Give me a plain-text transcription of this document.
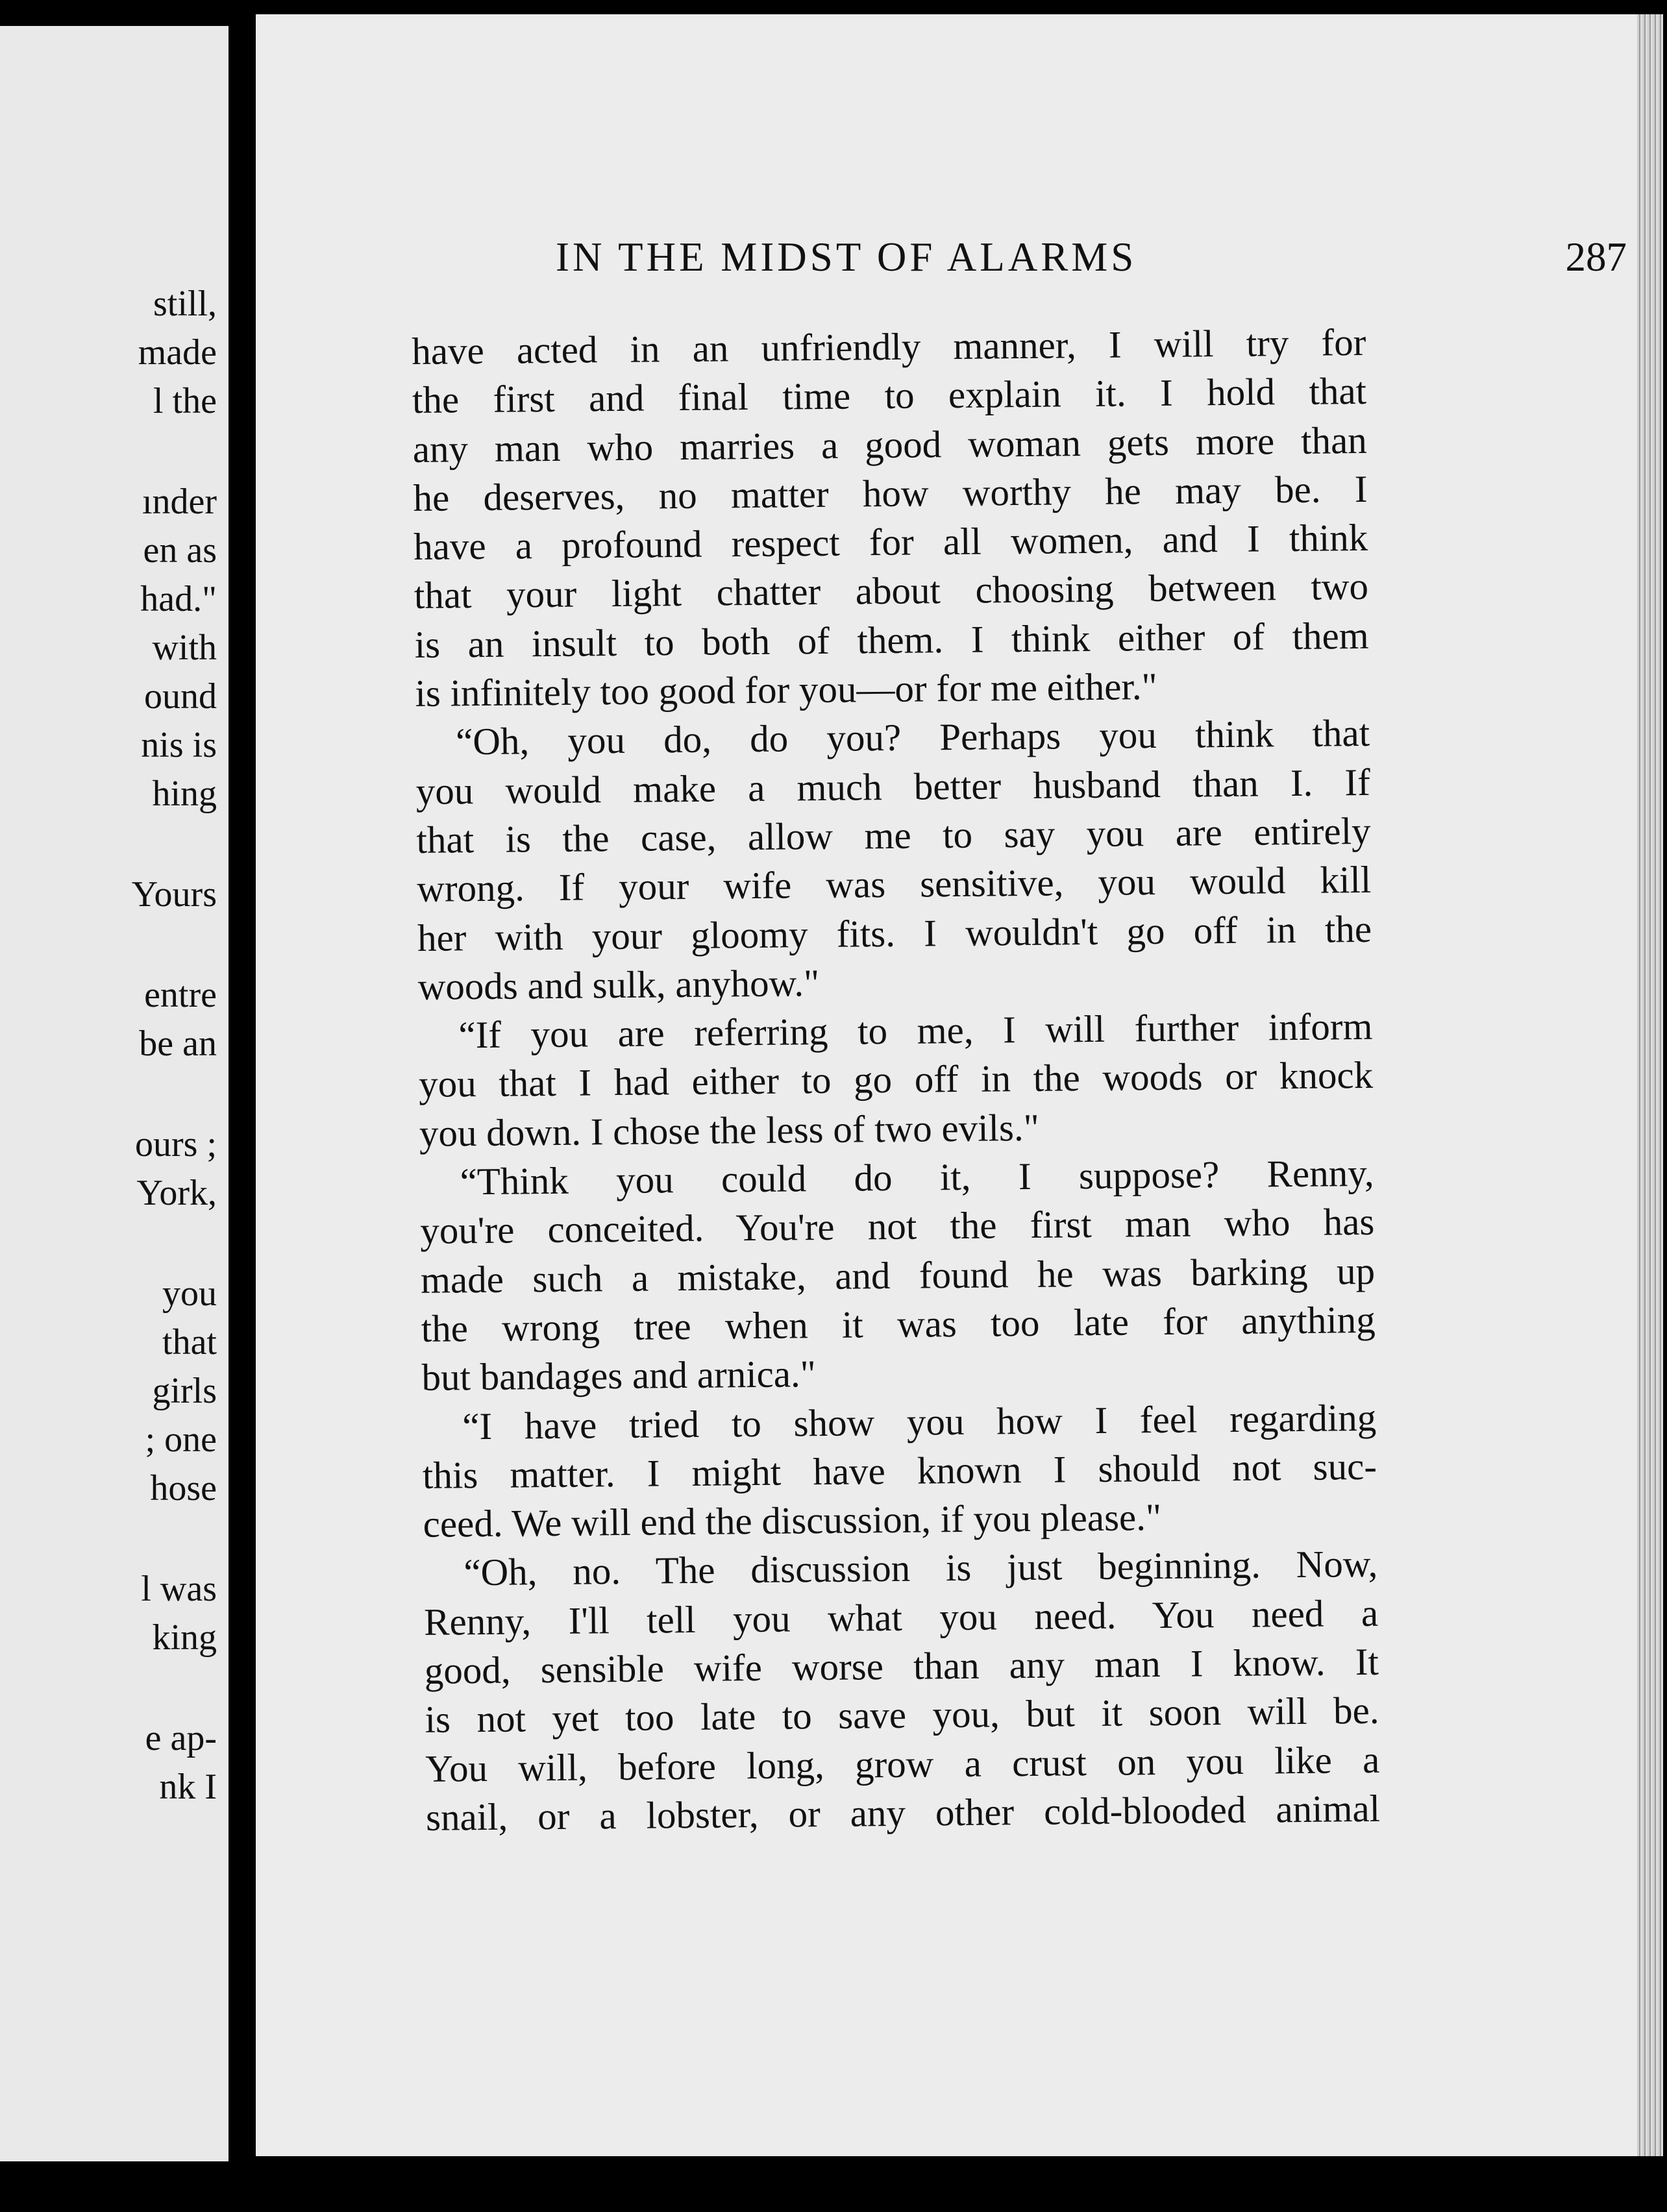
still,
made
l the
ınder
en as
had."
with
ound
nis is
hing
Yours
entre
be an
ours ;
York,
you
that
girls
; one
hose
l was
king
e ap-
nk I
IN THE MIDST OF ALARMS	287
have acted in an unfriendly manner, I will try for
the first and final time to explain it. I hold that
any man who marries a good woman gets more than
he deserves, no matter how worthy he may be. I
have a profound respect for all women, and I think
that your light chatter about choosing between two
is an insult to both of them. I think either of them
is infinitely too good for you—or for me either."
“Oh, you do, do you? Perhaps you think that
you would make a much better husband than I. If
that is the case, allow me to say you are entirely
wrong. If your wife was sensitive, you would kill
her with your gloomy fits. I wouldn't go off in the
woods and sulk, anyhow."
“If you are referring to me, I will further inform
you that I had either to go off in the woods or knock
you down. I chose the less of two evils."
“Think you could do it, I suppose? Renny,
you're conceited. You're not the first man who has
made such a mistake, and found he was barking up
the wrong tree when it was too late for anything
but bandages and arnica."
“I have tried to show you how I feel regarding
this matter. I might have known I should not suc-
ceed. We will end the discussion, if you please."
“Oh, no. The discussion is just beginning. Now,
Renny, I'll tell you what you need. You need a
good, sensible wife worse than any man I know. It
is not yet too late to save you, but it soon will be.
You will, before long, grow a crust on you like a
snail, or a lobster, or any other cold-blooded animal
